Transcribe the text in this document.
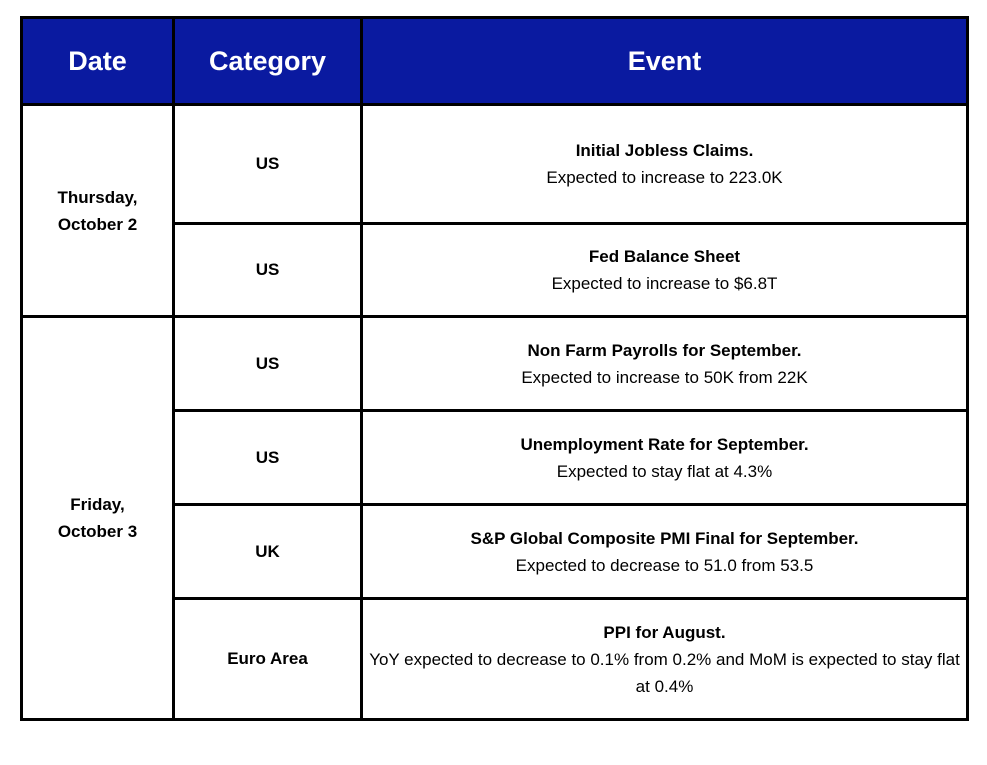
Date	Category	Event
Thursday,
October 2	US	Initial Jobless Claims.
Expected to increase to 223.0K

	US	Fed Balance Sheet
Expected to increase to $6.8T

Friday,
October 3	US	Non Farm Payrolls for September.
Expected to increase to 50K from 22K

	US	Unemployment Rate for September.
Expected to stay flat at 4.3%

	UK	S&P Global Composite PMI Final for September.
Expected to decrease to 51.0 from 53.5

	Euro Area	PPI for August.
YoY expected to decrease to 0.1% from 0.2% and MoM is expected to stay flat at 0.4%
